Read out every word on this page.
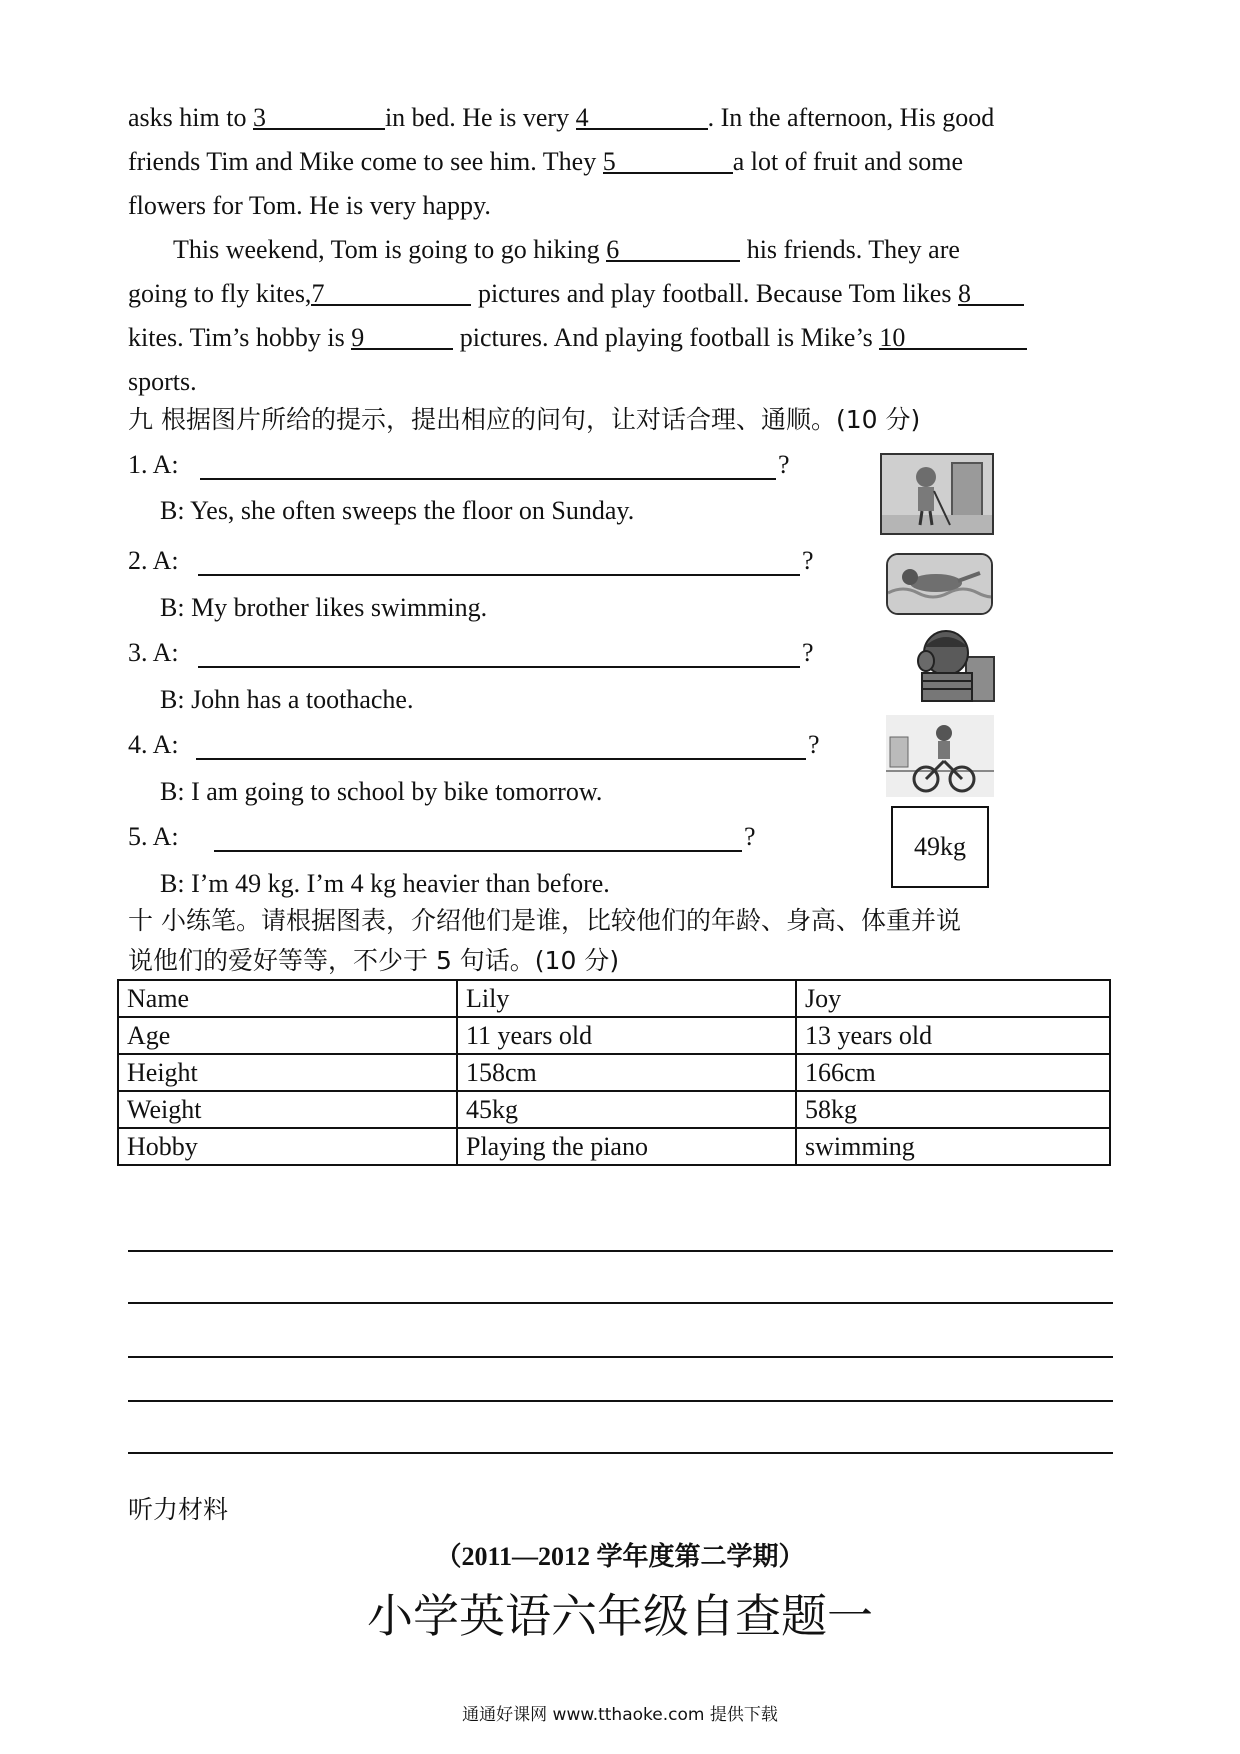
asks him to 3	in bed. He is very 4	. In the afternoon, His good
friends Tim and Mike come to see him. They 5	a lot of fruit and some
flowers for Tom. He is very happy.
This weekend, Tom is going to go hiking 6	his friends. They are
going to fly kites,7	pictures and play football. Because Tom likes 8
kites. Tim’s hobby is 9	pictures. And playing football is Mike’s 10
sports.
九 根据图片所给的提示，提出相应的问句，让对话合理、通顺。(10 分)
1. A:	?
B: Yes, she often sweeps the floor on Sunday.
2. A:	?
B: My brother likes swimming.
3. A:	?
B: John has a toothache.
4. A:	?
B: I am going to school by bike tomorrow.
5. A:	?
B: I’m 49 kg. I’m 4 kg heavier than before.
49kg
十 小练笔。请根据图表，介绍他们是谁，比较他们的年龄、身高、体重并说
说他们的爱好等等，不少于 5 句话。(10 分)
Name	Lily	Joy
Age	11 years old	13 years old
Height	158cm	166cm
Weight	45kg	58kg
Hobby	Playing the piano	swimming
听力材料
（2011—2012 学年度第二学期）
小学英语六年级自查题一
通通好课网 www.tthaoke.com 提供下载
